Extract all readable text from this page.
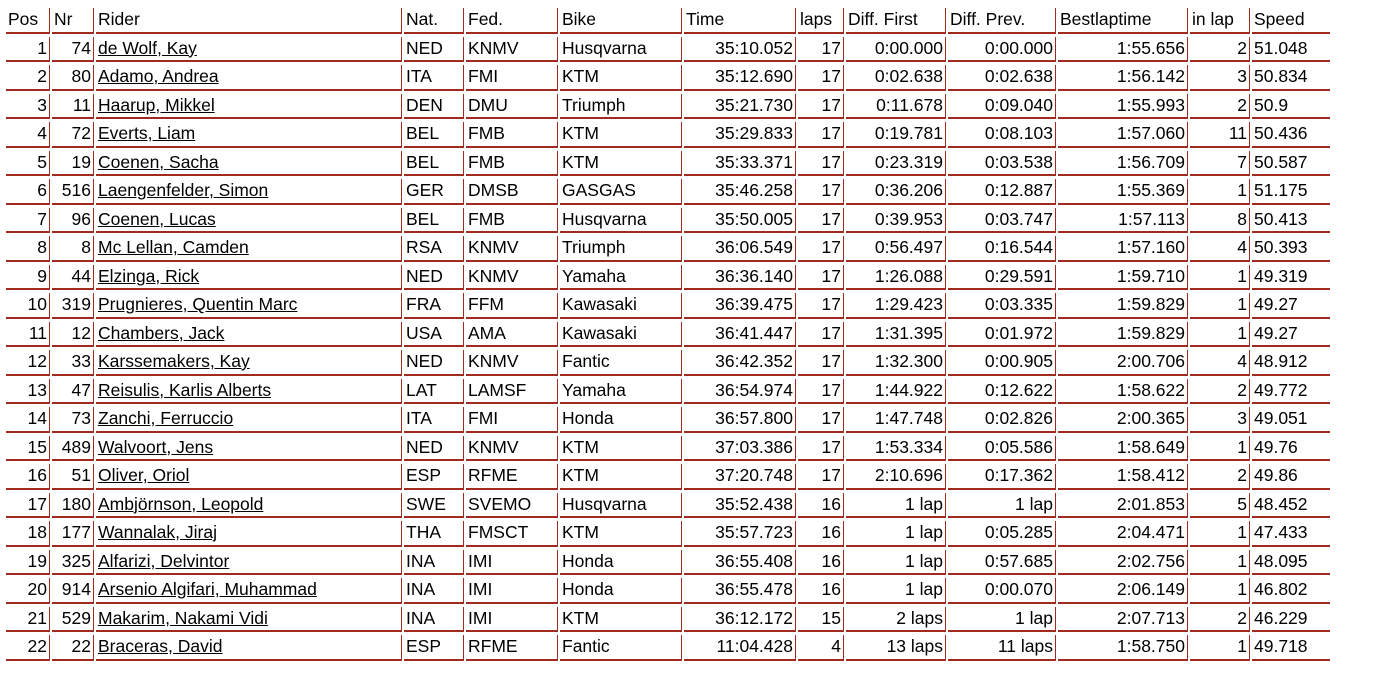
Pos	Nr	Rider	Nat.	Fed.	Bike	Time	laps	Diff. First	Diff. Prev.	Bestlaptime	in lap	Speed
1	74	de Wolf, Kay	NED	KNMV	Husqvarna	35:10.052	17	0:00.000	0:00.000	1:55.656	2	51.048
2	80	Adamo, Andrea	ITA	FMI	KTM	35:12.690	17	0:02.638	0:02.638	1:56.142	3	50.834
3	11	Haarup, Mikkel	DEN	DMU	Triumph	35:21.730	17	0:11.678	0:09.040	1:55.993	2	50.9
4	72	Everts, Liam	BEL	FMB	KTM	35:29.833	17	0:19.781	0:08.103	1:57.060	11	50.436
5	19	Coenen, Sacha	BEL	FMB	KTM	35:33.371	17	0:23.319	0:03.538	1:56.709	7	50.587
6	516	Laengenfelder, Simon	GER	DMSB	GASGAS	35:46.258	17	0:36.206	0:12.887	1:55.369	1	51.175
7	96	Coenen, Lucas	BEL	FMB	Husqvarna	35:50.005	17	0:39.953	0:03.747	1:57.113	8	50.413
8	8	Mc Lellan, Camden	RSA	KNMV	Triumph	36:06.549	17	0:56.497	0:16.544	1:57.160	4	50.393
9	44	Elzinga, Rick	NED	KNMV	Yamaha	36:36.140	17	1:26.088	0:29.591	1:59.710	1	49.319
10	319	Prugnieres, Quentin Marc	FRA	FFM	Kawasaki	36:39.475	17	1:29.423	0:03.335	1:59.829	1	49.27
11	12	Chambers, Jack	USA	AMA	Kawasaki	36:41.447	17	1:31.395	0:01.972	1:59.829	1	49.27
12	33	Karssemakers, Kay	NED	KNMV	Fantic	36:42.352	17	1:32.300	0:00.905	2:00.706	4	48.912
13	47	Reisulis, Karlis Alberts	LAT	LAMSF	Yamaha	36:54.974	17	1:44.922	0:12.622	1:58.622	2	49.772
14	73	Zanchi, Ferruccio	ITA	FMI	Honda	36:57.800	17	1:47.748	0:02.826	2:00.365	3	49.051
15	489	Walvoort, Jens	NED	KNMV	KTM	37:03.386	17	1:53.334	0:05.586	1:58.649	1	49.76
16	51	Oliver, Oriol	ESP	RFME	KTM	37:20.748	17	2:10.696	0:17.362	1:58.412	2	49.86
17	180	Ambjörnson, Leopold	SWE	SVEMO	Husqvarna	35:52.438	16	1 lap	1 lap	2:01.853	5	48.452
18	177	Wannalak, Jiraj	THA	FMSCT	KTM	35:57.723	16	1 lap	0:05.285	2:04.471	1	47.433
19	325	Alfarizi, Delvintor	INA	IMI	Honda	36:55.408	16	1 lap	0:57.685	2:02.756	1	48.095
20	914	Arsenio Algifari, Muhammad	INA	IMI	Honda	36:55.478	16	1 lap	0:00.070	2:06.149	1	46.802
21	529	Makarim, Nakami Vidi	INA	IMI	KTM	36:12.172	15	2 laps	1 lap	2:07.713	2	46.229
22	22	Braceras, David	ESP	RFME	Fantic	11:04.428	4	13 laps	11 laps	1:58.750	1	49.718
